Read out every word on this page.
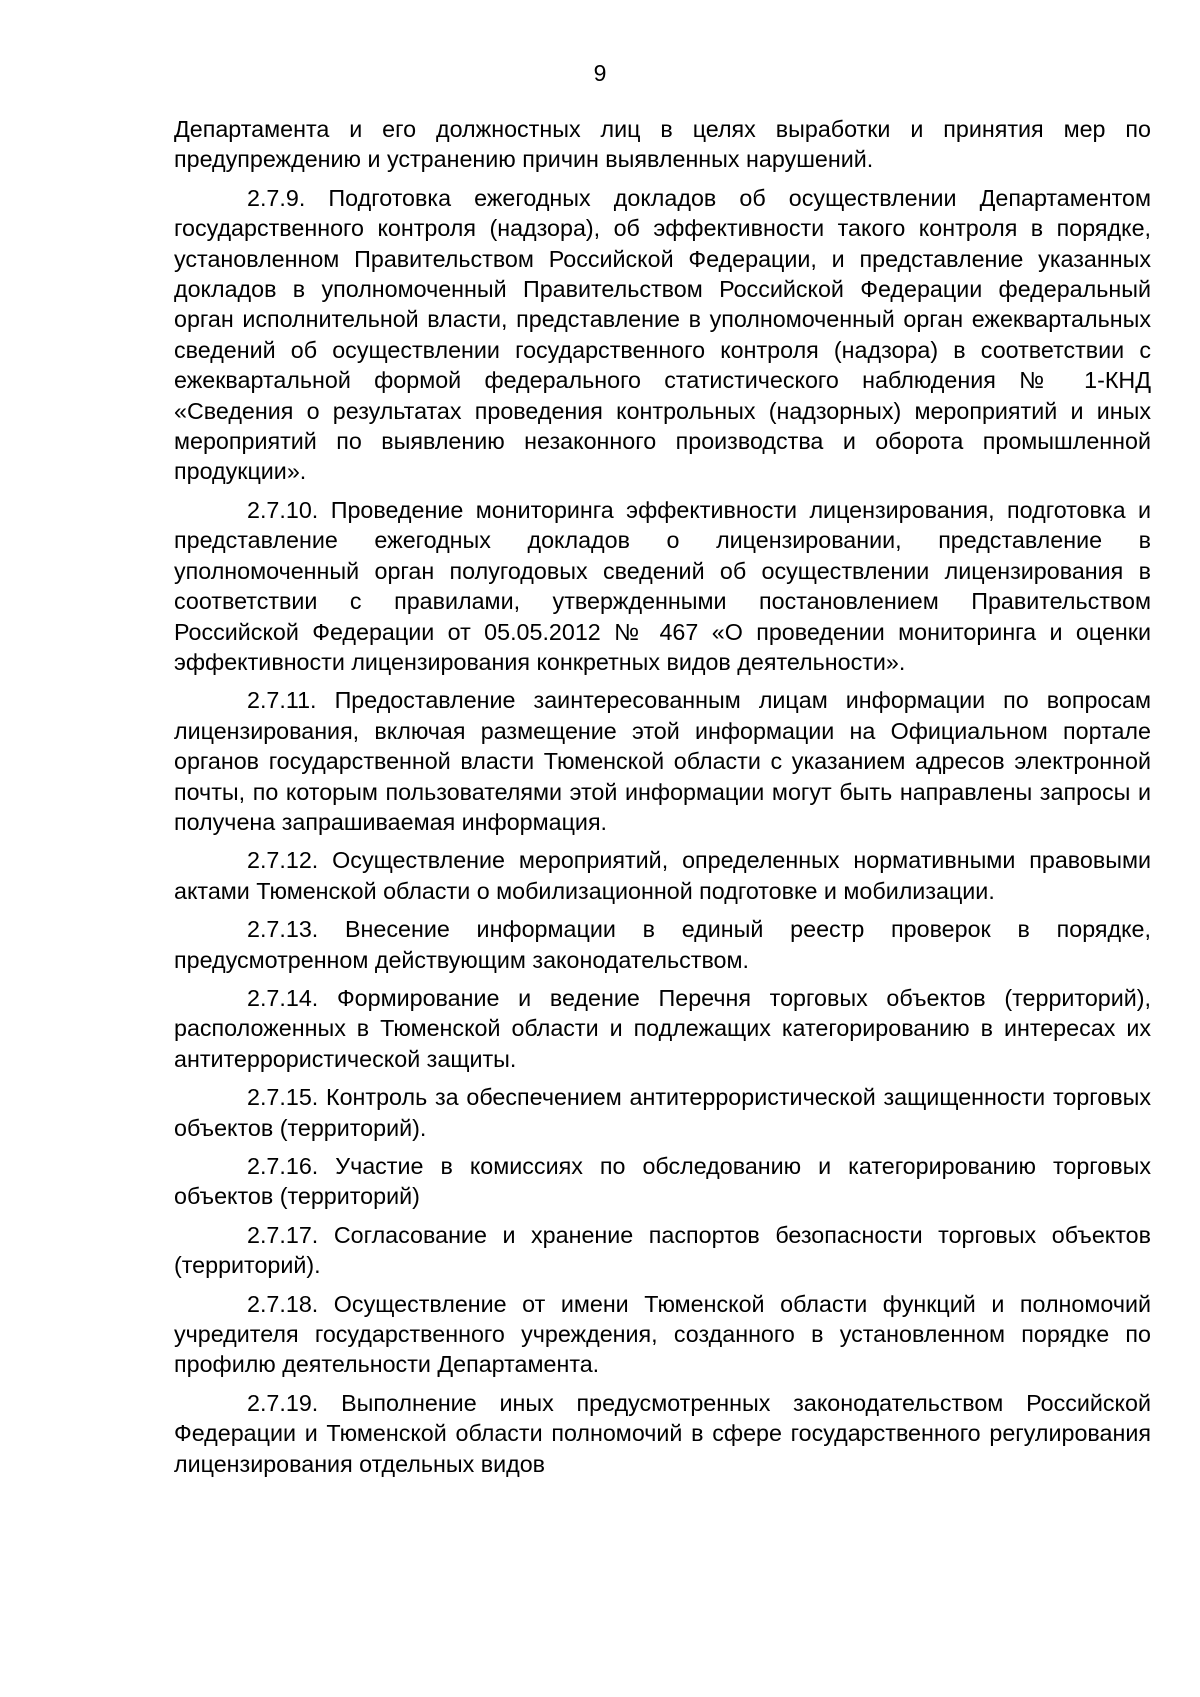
9

Департамента и его должностных лиц в целях выработки и принятия мер по предупреждению и устранению причин выявленных нарушений.

2.7.9. Подготовка ежегодных докладов об осуществлении Департаментом государственного контроля (надзора), об эффективности такого контроля в порядке, установленном Правительством Российской Федерации, и представление указанных докладов в уполномоченный Правительством Российской Федерации федеральный орган исполнительной власти, представление в уполномоченный орган ежеквартальных сведений об осуществлении государственного контроля (надзора) в соответствии с ежеквартальной формой федерального статистического наблюдения № 1-КНД «Сведения о результатах проведения контрольных (надзорных) мероприятий и иных мероприятий по выявлению незаконного производства и оборота промышленной продукции».

2.7.10. Проведение мониторинга эффективности лицензирования, подготовка и представление ежегодных докладов о лицензировании, представление в уполномоченный орган полугодовых сведений об осуществлении лицензирования в соответствии с правилами, утвержденными постановлением Правительством Российской Федерации от 05.05.2012 № 467 «О проведении мониторинга и оценки эффективности лицензирования конкретных видов деятельности».

2.7.11. Предоставление заинтересованным лицам информации по вопросам лицензирования, включая размещение этой информации на Официальном портале органов государственной власти Тюменской области с указанием адресов электронной почты, по которым пользователями этой информации могут быть направлены запросы и получена запрашиваемая информация.

2.7.12. Осуществление мероприятий, определенных нормативными правовыми актами Тюменской области о мобилизационной подготовке и мобилизации.

2.7.13. Внесение информации в единый реестр проверок в порядке, предусмотренном действующим законодательством.

2.7.14. Формирование и ведение Перечня торговых объектов (территорий), расположенных в Тюменской области и подлежащих категорированию в интересах их антитеррористической защиты.

2.7.15. Контроль за обеспечением антитеррористической защищенности торговых объектов (территорий).

2.7.16. Участие в комиссиях по обследованию и категорированию торговых объектов (территорий)

2.7.17. Согласование и хранение паспортов безопасности торговых объектов (территорий).

2.7.18. Осуществление от имени Тюменской области функций и полномочий учредителя государственного учреждения, созданного в установленном порядке по профилю деятельности Департамента.

2.7.19. Выполнение иных предусмотренных законодательством Российской Федерации и Тюменской области полномочий в сфере государственного регулирования лицензирования отдельных видов
